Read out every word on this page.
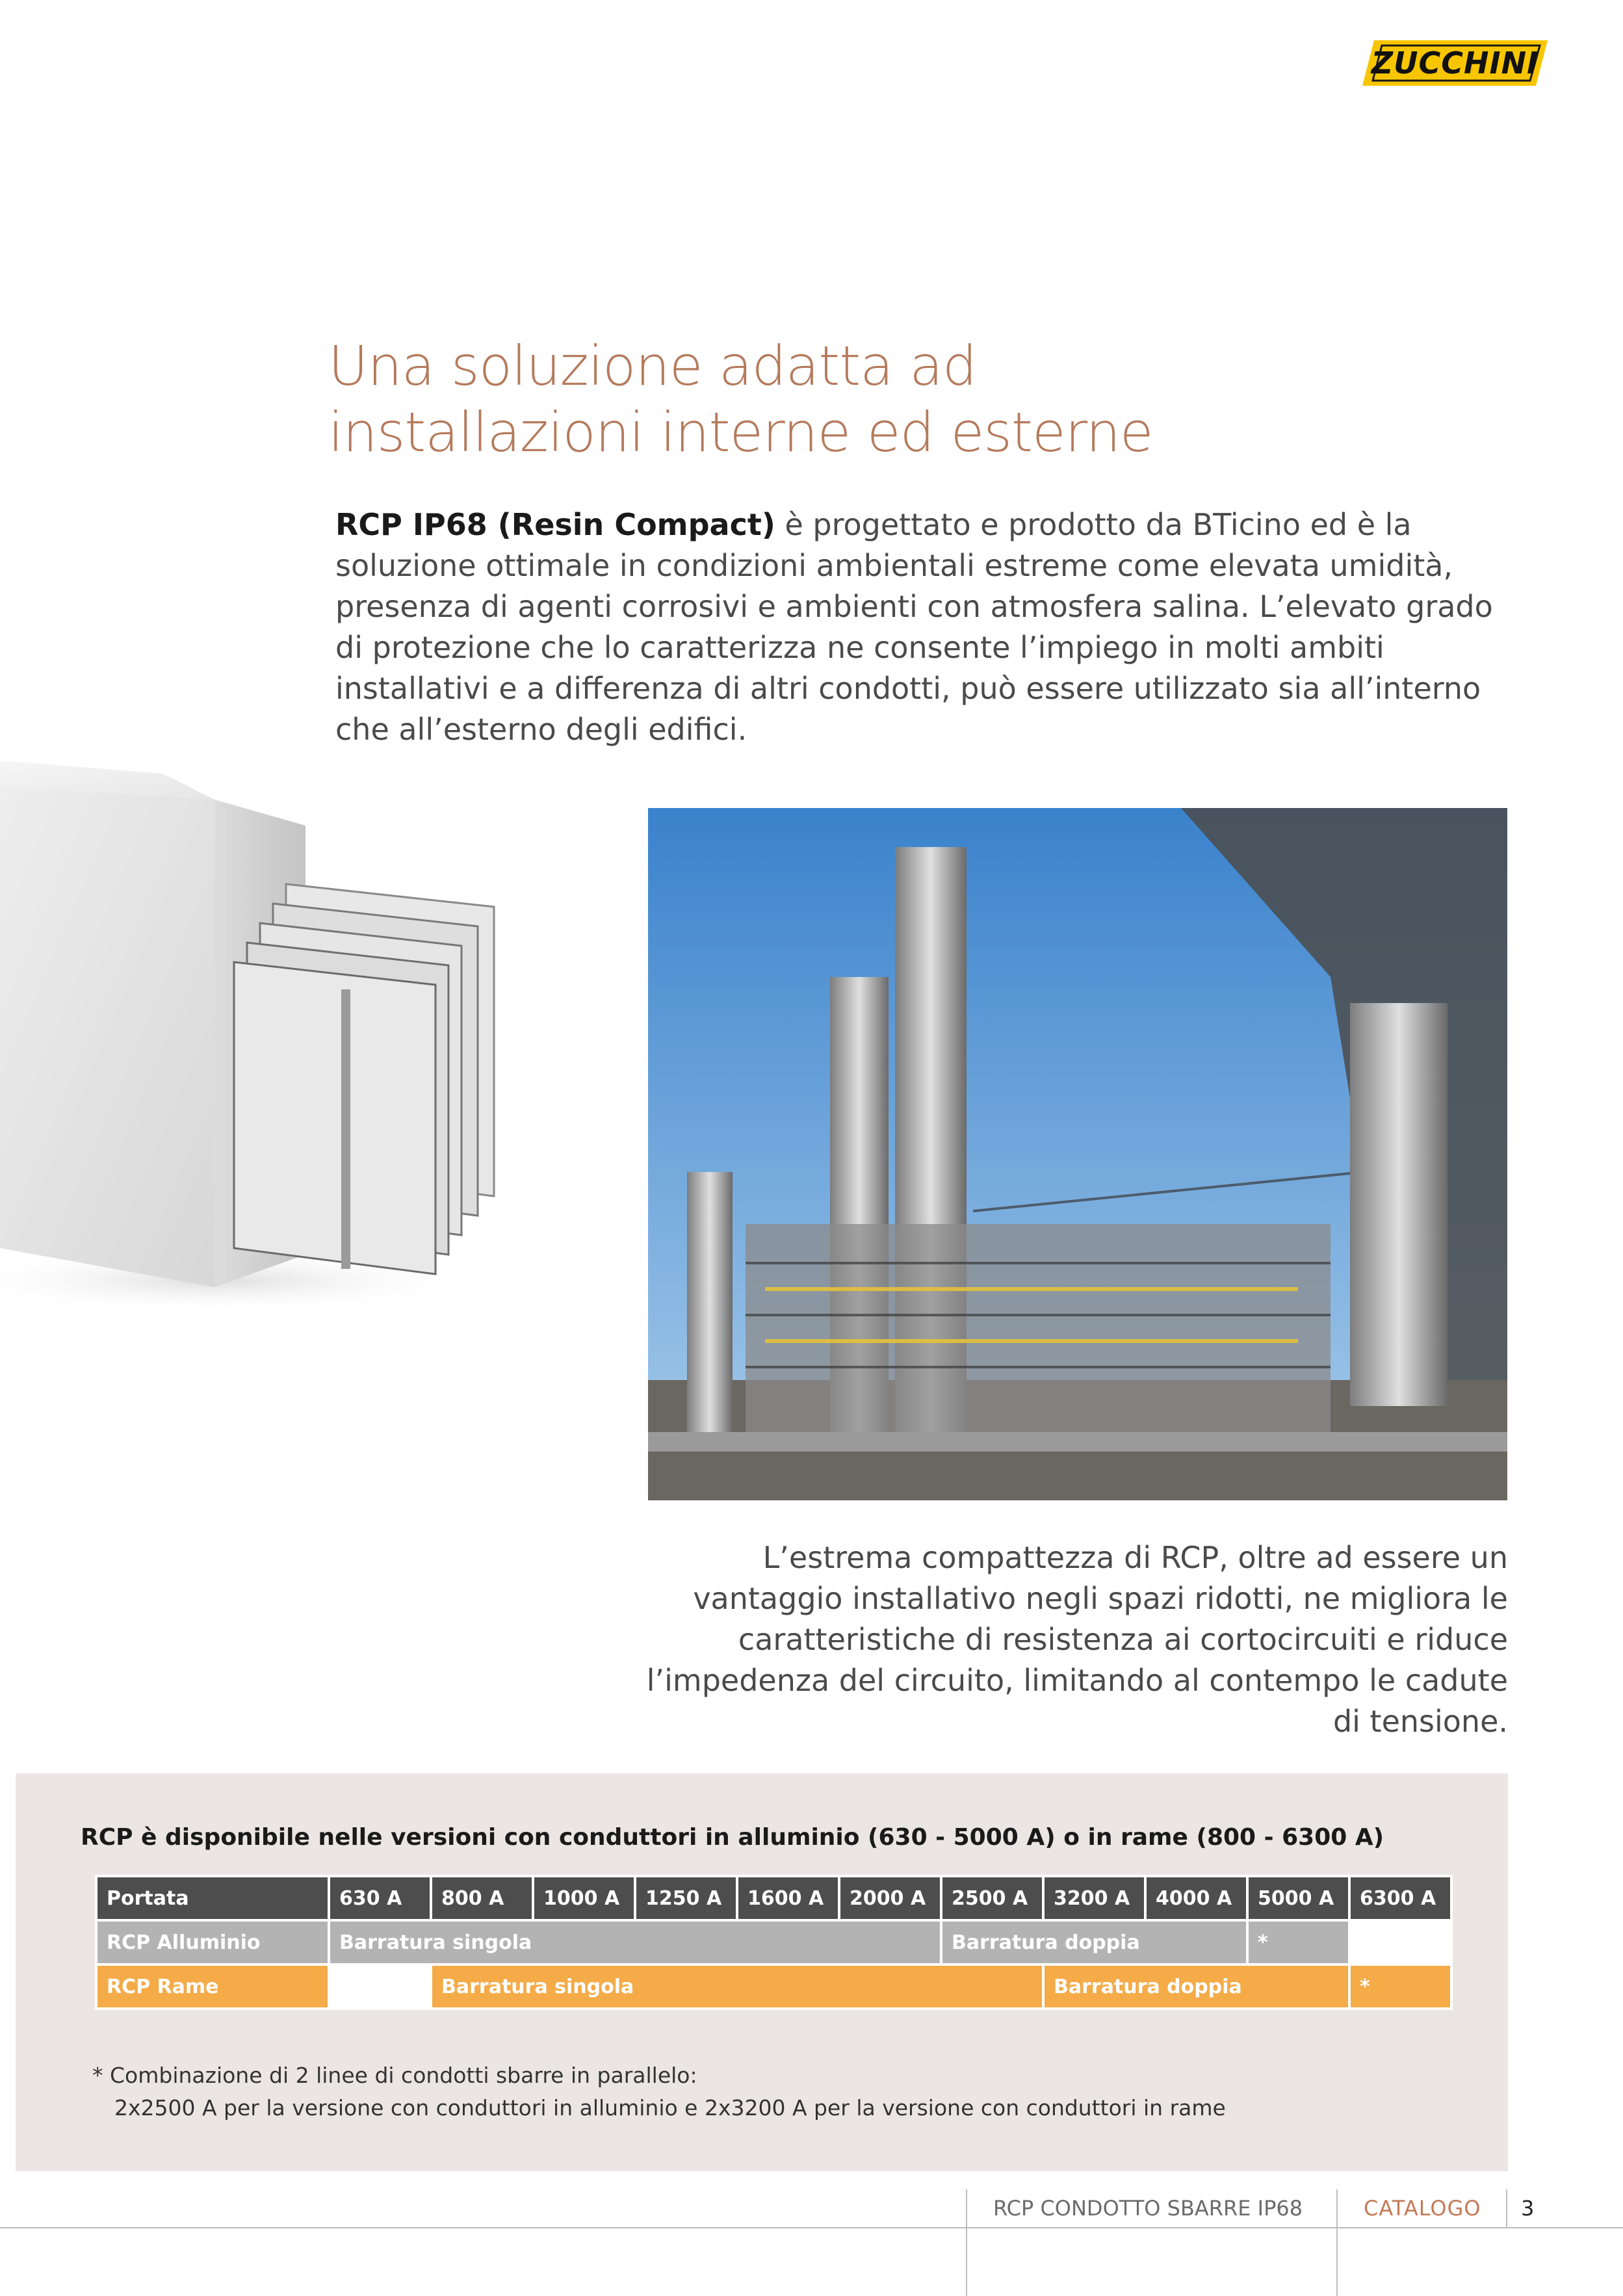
ZUCCHINI
Una soluzione adatta ad
installazioni interne ed esterne
RCP IP68 (Resin Compact) è progettato e prodotto da BTicino ed è la soluzione ottimale in condizioni ambientali estreme come elevata umidità, presenza di agenti corrosivi e ambienti con atmosfera salina. L’elevato grado di protezione che lo caratterizza ne consente l’impiego in molti ambiti installativi e a differenza di altri condotti, può essere utilizzato sia all’interno che all’esterno degli edifici.
L’estrema compattezza di RCP, oltre ad essere un vantaggio installativo negli spazi ridotti, ne migliora le caratteristiche di resistenza ai cortocircuiti e riduce l’impedenza del circuito, limitando al contempo le cadute di tensione.
RCP è disponibile nelle versioni con conduttori in alluminio (630 - 5000 A) o in rame (800 - 6300 A)
Portata	630 A	800 A	1000 A	1250 A	1600 A	2000 A	2500 A	3200 A	4000 A	5000 A	6300 A
RCP Alluminio	Barratura singola						Barratura doppia			*	
RCP Rame		Barratura singola						Barratura doppia			*
* Combinazione di 2 linee di condotti sbarre in parallelo:
2x2500 A per la versione con conduttori in alluminio e 2x3200 A per la versione con conduttori in rame
RCP CONDOTTO SBARRE IP68	CATALOGO 3
